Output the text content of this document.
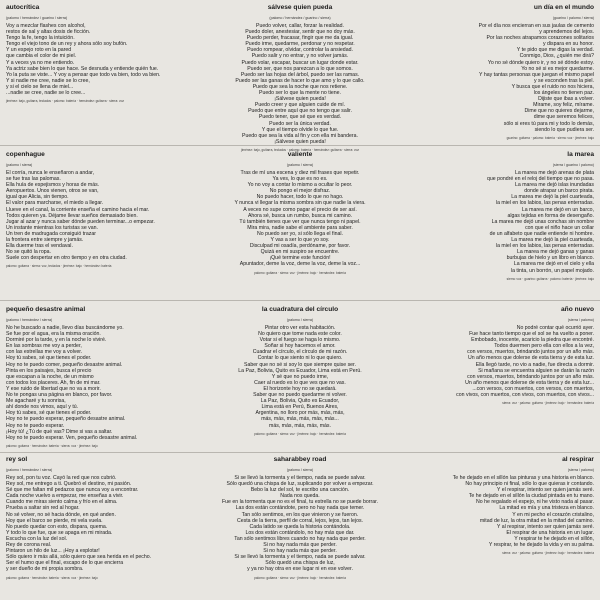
autocrítica
(palomo / hernández / guarino / sierra)

Voy a mezclar flashes con alcohol,
restos de sal y altas dosis de ficción.
Tengo la fe, tengo la intuición.
Tengo el viejo tono de un rey y ahora sólo soy bufón.
Y un espejo roto en la pared
que cambia el color de mi piel.
Y a veces ya no me entiendo.
Ya actriz sabe bien lo que hace. Se desnuda y entiende quién fue.
Yo la puta se viste... Y voy a pensar que todo va bien, todo va bien.
Y si nadie me cree, nadie se lo cree,
y si el cielo se llena de miel...
...nadie se cree, nadie se lo cree...

jiménez: bajo, guitarra, teclados · palomo: batería · hernández: guitarra · sierra: voz
sálvese quien pueda
(palomo / hernández / guarino / sierra)

Puedo volver, callar, forzar la realidad.
Puedo doler, anestesiar, sentir que no doy más.
Puedo perder, fracasar, fingir que me da igual.
Puedo irme, quedarme, perdonar y no respetar.
Puedo rompear, olvidar, controlar la ansiedad.
Puedo salir y no entrar, y no volver jamás.
Puedo volar, escapar, buscar un lugar donde estar.
Puedo ser, que nos parezcan a lo que somos.
Puedo ser las hojas del árbol, puedo ser las ramas.
Puedo ser las ganas de hacer lo que amo y lo que callo.
Puedo que sea la noche que nos retiene.
Puedo ser lo que la mente no tiene.
¡Sálvese quien pueda!
Puedo creer y que alguien cuide de mí.
Puedo que entre aquí que no tengo que salir.
Puedo tener, que sé que es verdad.
Puedo ser la única verdad.
Y que el tiempo olvide lo que fue.
Puedo que sea la vida al fin y con ella mi bandera.
¡Sálvese quien pueda!

jiménez: bajo, guitarra, teclados · palomo: batería · hernández: guitarra · sierra: voz
un día en el mundo
(guarino / palomo / sierra)

Por el día nos encierran en sus jaulas de cemento
y aprendemos del lejos.
Por las noches atrapamos corazones solitarios
y dispara en su honor.
Y te pido que me digas la verdad.
Conmigo, Dios, ¿quién me dirá?
Yo no sé dónde quiero ir, y no sé dónde estoy.
Yo no sé si es mejor quedarme.
Y hay tantas personas que juegan el mismo papel
y se esconden tras la piel.
Y busca que el ruido no nos hiciera,
los ángeles no tienen paz.
Dijiste que ibas a volver.
Mirame, soy feliz, mírame.
Dime que no quieres dejarme,
dime que seremos felices,
sólo si eres tú para mi y todo lo demás,
siendo lo que pudiera ser.

guarino: guitarra · palomo: batería · sierra: voz · jiménez: bajo
copenhague
(palomo / sierra)

El corría, nunca le enseñaron a andar,
se fue tras las palomas.
Ella huía de espejismos y horas de más.
Aeropuertos. Unos vienen, otros se van,
igual que Alicia, sin tiempo.
El valor para marcharse, el miedo a llegar.
Llueve en el canal, la corriente enseña el camino hacia el mar.
Todos quieren ya. Déjame llevar sueños demasiado bien.
Jugar al azar y nunca saber dónde pueden terminar...o empezar.
Un instante mientras los turistas se van.
Un tren de madrugada consiguió trazar
la frontera entre siempre y jamás.
Ella duerme tras el vendaval.
No se quitó la ropa.
Suele con despertar en otro tiempo y en otra ciudad.

palomo: guitarra · sierra: voz, teclados · jiménez: bajo · hernández: batería
valiente
(palomo / sierra)

Tras de mí una escena y diez mil frases que repetir.
Ya ves, lo que es no es.
Yo no voy a contar lo mismo a ocultar lo peor.
No pongo el mejor disfraz.
No puedo hacer, todo lo que no hago.
Y nunca vi llegar la misma sombra sin que nadie la viera.
A veces no supe como pagar el precio de ser así.
Ahora sé, busca un rumbo, busca mi camino.
Tú también tienes que ver que nunca tengo ni papel.
Mira mira, nadie sabe el ambiente para saber.
No puedo ser yo, si sólo llega el final.
Y vas a ser lo que yo soy.
Disculpad mi osadía, perdóname, por favor.
Quizá en mi suspiro se encuentre.
¡Qué termine este función!
Apuntador, deme la voz, deme la voz, deme la voz...

palomo: guitarra · sierra: voz · jiménez: bajo · hernández: batería
la marea
(sierra / guarino / palomo)

La marea me dejó arenas de plata
que pondré en el reloj del tiempo que no pasa.
La marea me dejó islas inundadas
donde atrapar un barco pirata.
La marea me dejó la piel cuarteada,
la miel en los labios, las penas enterradas.
La marea me dejó en un barco,
algas tejidas en forma de desengaño.
La marea me dejó unas conchas sin nombre
con que el niño hace un collar
de un alfabeto que nadie entiende ni hombre.
La marea me dejó la piel cuarteada,
la miel en los labios, las penas enterradas.
La marea me dejó ganas y ganas
burbujas de hielo y un libro en blanco.
La marea me dejó en el cielo y ella
la tinta, un borrón, un papel mojado.

sierra: voz · guarino: guitarra · palomo: batería · jiménez: bajo
pequeño desastre animal
(palomo / hernández / sierra)

No he buscado a nadie, llevo días buscándome yo.
Se fue por el agua, era la misma oración.
Dormiré por la tarde, y en la noche lo viviré.
En las sombras me voy a perder,
con las estrellas me voy a volver.
Hoy tú sabes, sé que tienes el poder.
Hoy no te puedo comer, pequeño desastre animal.
Pinta en los paisajes, busca el precio
que escapan a la noche, de un mismo
con todos los placeres. Ah, fin de mi mar.
Y ese ruido de libertad que no va a morir.
No te pongas una página en blanco, por favor.
Me agacharé y tu sonrisa,
ahí donde nos vimos, aquí y tú.
Hoy tú sabes, sé que tienes el poder.
Hoy no te puedo esperar, pequeño desastre animal.
Hoy no te puedo esperar.
¡Hoy tú! ¿Tú de qué vas? Dime si vas a saltar.
Hoy no te puedo esperar. Ven, pequeño desastre animal.

palomo: guitarra · hernández: batería · sierra: voz · jiménez: bajo
la cuadratura del círculo
(palomo / sierra)

Pintar otro ver esta habitación.
No quiero que tome nada este color.
Votar si el fuego se haga lo mismo.
Soñar si hoy hacemos el amor.
Cuadrar el círculo, el círculo de mi razón.
Contar lo que siento ni lo que quiero.
Saber que no sé si soy lo que siempre quise ser.
La Paz, Bolivia, Quito es Ecuador, Lima está en Perú.
Y sé que no puedo irme,
Caer al ruedo es lo que ves que no vas.
El horizonte hoy no se quedará.
Saber que no puedo quedarme ni volver.
La Paz, Bolivia, Quito es Ecuador,
Lima está en Perú, Buenos Aires,
Argentina, no lloro por más, más, más,
más, más, más, más, más, más...
más, más, más, más, más.

palomo: guitarra · sierra: voz · jiménez: bajo · hernández: batería
año nuevo
(sierra / palomo)

No podré contar qué ocurrió ayer.
Fue hace tanto tiempo que el sol se ha vuelto a poner.
Embobado, inocente, acaricio la piedra que encontré.
Todos duermen pero ella con ellos a la vez,
con versos, muertos, brindando juntos por un año más.
Un año menos que dolerse de esta tierra y de esta luz.
Ella llegó tarde, no vio a nadie, fue directa a dormir.
Si mañana se encuentra alguien se darán la razón
con versos, muertos, brindando juntos por un año más.
Un año menos que dolerse de esta tierra y de esta luz...
...con versos, con muertos, con versos, con muertos,
con vivos, con muertos, con vivos, con muertos, con vivos...

sierra: voz · palomo: guitarra · jiménez: bajo · hernández: batería
rey sol
(palomo / hernández / sierra)

Rey sol, pon tu voz. Cayó la red que nos cubrió.
Rey sol, me entrego a ti. Quebró el destino, mi pasión.
Sé que me faltan mil pedazos que nunca voy a encontrar.
Cada noche vuelvo a empezar, me enseñas a vivir.
Cuando me miras siento calma y frío en el alma.
Prueba a saltar sin red al hogar.
No sé volver, no sé hacia dónde, en qué anden.
Hoy que el barco se pierde, mi vela vuela.
No puedo quedar con esto, dispara, quema.
Y todo lo que fue, que se apaga en mi mirada.
Escucha con la luz del sol.
Rey de corona real.
Pintaron un hilo de luz... ¡Hoy a explotar!
Sólo quiero ir más allá, sólo quiero que sea herida en el pecho.
Ser el humo que el final, escapo de lo que encierra
y ser dueño de mi propia sombra.

palomo: guitarra · hernández: batería · sierra: voz · jiménez: bajo
saharabbey road
(palomo / sierra)

Si se llevó la tormenta y el tiempo, nada se puede salvar.
Sólo quedó una chispa de luz, suplicando por volver a empezar.
Bebo la luz del sol, te escribo una canción.
Nada nos queda.
Fue en la tormenta que no es el final, tu estrella no se puede borrar.
Las dos están contándote, pero no hay nada que temer.
Tan sólo sentimos, en los que vinieron y se fueron.
Cesta de la tierra, perfil de corral, lejos, lejos, tan lejos.
Cada latido se queda la historia contándola.
Los dos están contándolo, no hay más que dar.
Tan sólo sentimos libres cuando no hay nada que perder.
Si no hay nada más que perder.
Si no hay nada más que perder.
Si se llevó la tormenta y el tiempo, nada se puede salvar.
Sólo quedó una chispa de luz,
y ya no hay otra en ese lugar ni en ese volver.

palomo: guitarra · sierra: voz · jiménez: bajo · hernández: batería
al respirar
(sierra / palomo)

Te he dejado en el sillón las pinturas y una historia en blanco.
No hay principio ni final, sólo lo que quieras ir contando.
Y el respirar, intento ser quien jamás seré.
Te he dejado en el sillón la ciudad pintada en tu mano.
No he regalado el espejo, ni he visto nada al pasar.
La mitad es mía y una tristeza en blanco.
Y en mi pecho el corazón cristalino,
mitad de luz, la otra mitad en la mitad del camino.
Y al respirar, intento ser quien jamás seré.
El respirar de una historia en un lugar.
Y respirar te he dejado en el sillón,
Y respirar, te he dejado la vida y en su palma.

sierra: voz · palomo: guitarra · jiménez: bajo · hernández: batería
